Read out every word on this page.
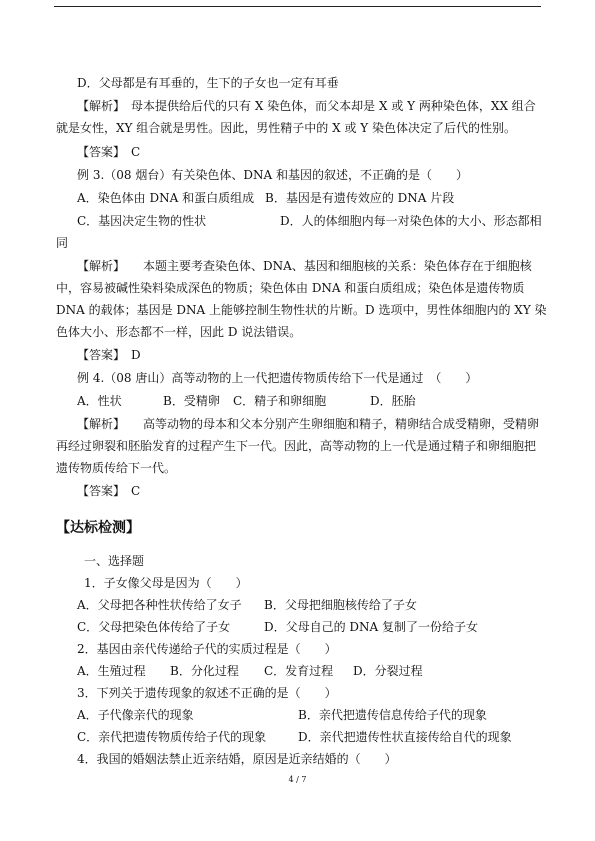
D．父母都是有耳垂的，生下的子女也一定有耳垂
【解析】　母本提供给后代的只有 X 染色体，而父本却是 X 或 Y 两种染色体，XX 组合
就是女性，XY 组合就是男性。因此，男性精子中的 X 或 Y 染色体决定了后代的性别。
【答案】　C
例 3.（08 烟台）有关染色体、DNA 和基因的叙述，不正确的是（　　）
A．染色体由 DNA 和蛋白质组成 B．基因是有遗传效应的 DNA 片段
C．基因决定生物的性状	D．人的体细胞内每一对染色体的大小、形态都相
同
【解析】　　本题主要考查染色体、DNA、基因和细胞核的关系：染色体存在于细胞核
中，容易被碱性染料染成深色的物质；染色体由 DNA 和蛋白质组成；染色体是遗传物质
DNA 的载体；基因是 DNA 上能够控制生物性状的片断。D 选项中，男性体细胞内的 XY 染
色体大小、形态都不一样，因此 D 说法错误。
【答案】　D
例 4.（08 唐山）高等动物的上一代把遗传物质传给下一代是通过　（　　）
A．性状	B．受精卵 C．精子和卵细胞	D．胚胎
【解析】　　高等动物的母本和父本分别产生卵细胞和精子，精卵结合成受精卵，受精卵
再经过卵裂和胚胎发育的过程产生下一代。因此，高等动物的上一代是通过精子和卵细胞把
遗传物质传给下一代。
【答案】　C
【达标检测】
一、选择题
1．子女像父母是因为（　　）
A．父母把各种性状传给了女子 B．父母把细胞核传给了子女
C．父母把染色体传给了子女	D．父母自己的 DNA 复制了一份给子女
2．基因由亲代传递给子代的实质过程是（　　）
A．生殖过程 B．分化过程 C．发育过程 D．分裂过程
3．下列关于遗传现象的叙述不正确的是（　　）
A．子代像亲代的现象	B．亲代把遗传信息传给子代的现象
C．亲代把遗传物质传给子代的现象	D．亲代把遗传性状直接传给自代的现象
4．我国的婚姻法禁止近亲结婚，原因是近亲结婚的（　　）
4 / 7
